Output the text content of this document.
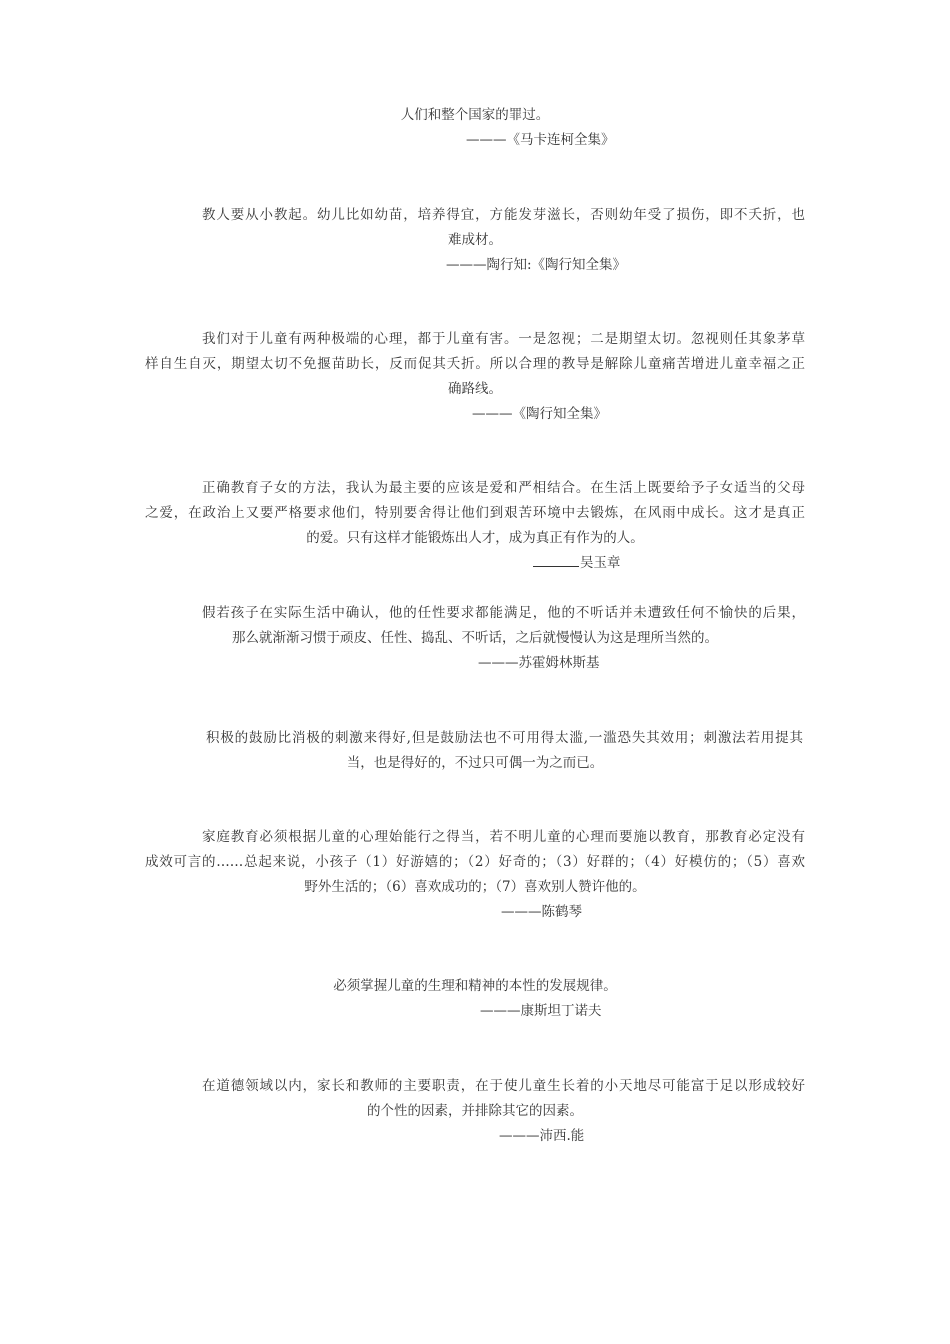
人们和整个国家的罪过。
———《马卡连柯全集》
教人要从小教起。幼儿比如幼苗，培养得宜，方能发芽滋长，否则幼年受了损伤，即不夭折，也
难成材。
———陶行知:《陶行知全集》
我们对于儿童有两种极端的心理，都于儿童有害。一是忽视；二是期望太切。忽视则任其象茅草
样自生自灭，期望太切不免揠苗助长，反而促其夭折。所以合理的教导是解除儿童痛苦增进儿童幸福之正
确路线。
———《陶行知全集》
正确教育子女的方法，我认为最主要的应该是爱和严相结合。在生活上既要给予子女适当的父母
之爱，在政治上又要严格要求他们，特别要舍得让他们到艰苦环境中去锻炼，在风雨中成长。这才是真正
的爱。只有这样才能锻炼出人才，成为真正有作为的人。
吴玉章
假若孩子在实际生活中确认，他的任性要求都能满足，他的不听话并未遭致任何不愉快的后果，
那么就渐渐习惯于顽皮、任性、捣乱、不听话，之后就慢慢认为这是理所当然的。
———苏霍姆林斯基
积极的鼓励比消极的刺激来得好,但是鼓励法也不可用得太滥,一滥恐失其效用；刺激法若用提其
当，也是得好的，不过只可偶一为之而已。
家庭教育必须根据儿童的心理始能行之得当，若不明儿童的心理而要施以教育，那教育必定没有
成效可言的……总起来说，小孩子（1）好游嬉的；（2）好奇的；（3）好群的；（4）好模仿的；（5）喜欢
野外生活的；（6）喜欢成功的；（7）喜欢别人赞许他的。
———陈鹤琴
必须掌握儿童的生理和精神的本性的发展规律。
———康斯坦丁诺夫
在道德领域以内，家长和教师的主要职责，在于使儿童生长着的小天地尽可能富于足以形成较好
的个性的因素，并排除其它的因素。
———沛西.能
